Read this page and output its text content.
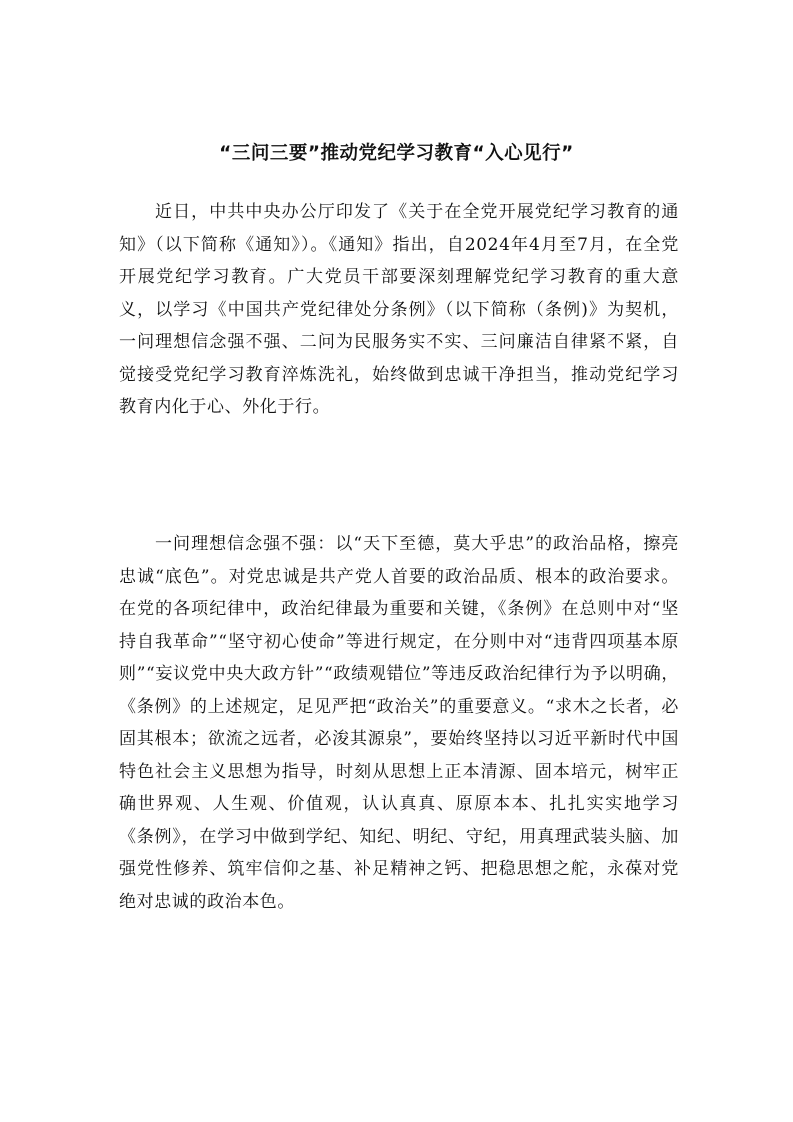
“三问三要”推动党纪学习教育“入心见行”

近日，中共中央办公厅印发了《关于在全党开展党纪学习教育的通知》（以下简称《通知》）。《通知》指出，自2024年4月至7月，在全党开展党纪学习教育。广大党员干部要深刻理解党纪学习教育的重大意义，以学习《中国共产党纪律处分条例》（以下简称（条例)》为契机，一问理想信念强不强、二问为民服务实不实、三问廉洁自律紧不紧，自觉接受党纪学习教育淬炼洗礼，始终做到忠诚干净担当，推动党纪学习教育内化于心、外化于行。

一问理想信念强不强：以“天下至德，莫大乎忠”的政治品格，擦亮忠诚“底色”。对党忠诚是共产党人首要的政治品质、根本的政治要求。在党的各项纪律中，政治纪律最为重要和关键，《条例》在总则中对“坚持自我革命”“坚守初心使命”等进行规定，在分则中对“违背四项基本原则”“妄议党中央大政方针”“政绩观错位”等违反政治纪律行为予以明确，《条例》的上述规定，足见严把“政治关”的重要意义。“求木之长者，必固其根本；欲流之远者，必浚其源泉”，要始终坚持以习近平新时代中国特色社会主义思想为指导，时刻从思想上正本清源、固本培元，树牢正确世界观、人生观、价值观，认认真真、原原本本、扎扎实实地学习《条例》，在学习中做到学纪、知纪、明纪、守纪，用真理武装头脑、加强党性修养、筑牢信仰之基、补足精神之钙、把稳思想之舵，永葆对党绝对忠诚的政治本色。
